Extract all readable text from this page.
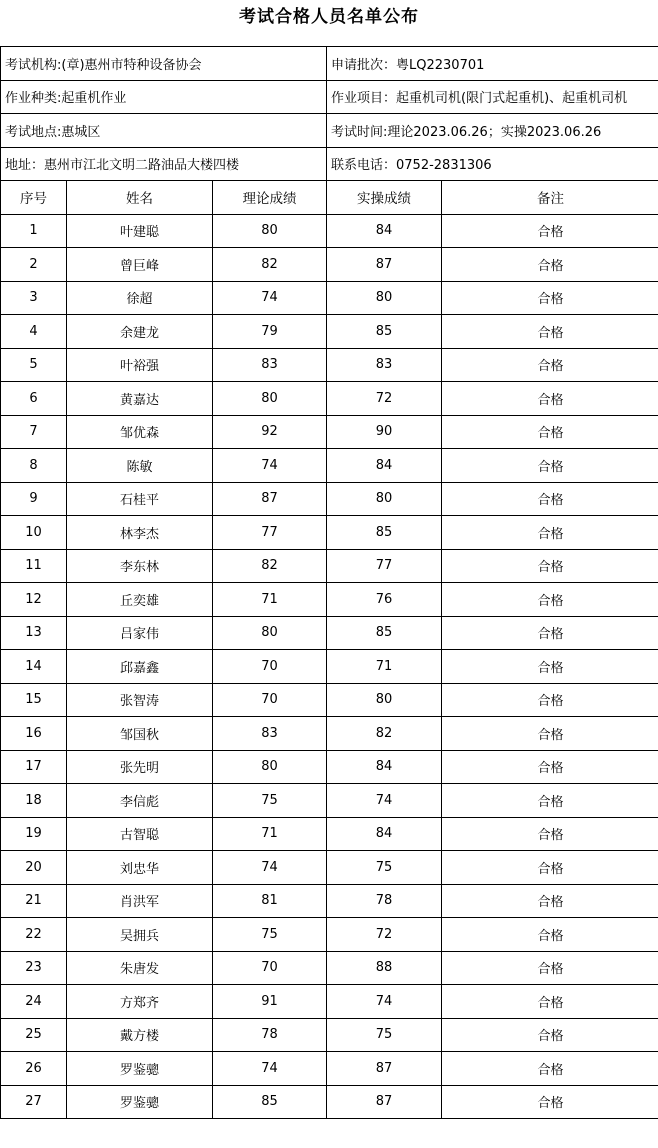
考试合格人员名单公布
考试机构:(章)惠州市特种设备协会			申请批次：粤LQ2230701	
作业种类:起重机作业			作业项目：起重机司机(限门式起重机)、起重机司机	
考试地点:惠城区			考试时间:理论2023.06.26；实操2023.06.26	
地址：惠州市江北文明二路油品大楼四楼			联系电话：0752-2831306	
序号	姓名	理论成绩	实操成绩	备注
1	叶建聪	80	84	合格
2	曾巨峰	82	87	合格
3	徐超	74	80	合格
4	余建龙	79	85	合格
5	叶裕强	83	83	合格
6	黄嘉达	80	72	合格
7	邹优森	92	90	合格
8	陈敏	74	84	合格
9	石桂平	87	80	合格
10	林李杰	77	85	合格
11	李东林	82	77	合格
12	丘奕雄	71	76	合格
13	吕家伟	80	85	合格
14	邱嘉鑫	70	71	合格
15	张智涛	70	80	合格
16	邹国秋	83	82	合格
17	张先明	80	84	合格
18	李信彪	75	74	合格
19	古智聪	71	84	合格
20	刘忠华	74	75	合格
21	肖洪军	81	78	合格
22	吴拥兵	75	72	合格
23	朱唐发	70	88	合格
24	方郑齐	91	74	合格
25	戴方楼	78	75	合格
26	罗鉴骢	74	87	合格
27	罗鉴骢	85	87	合格
